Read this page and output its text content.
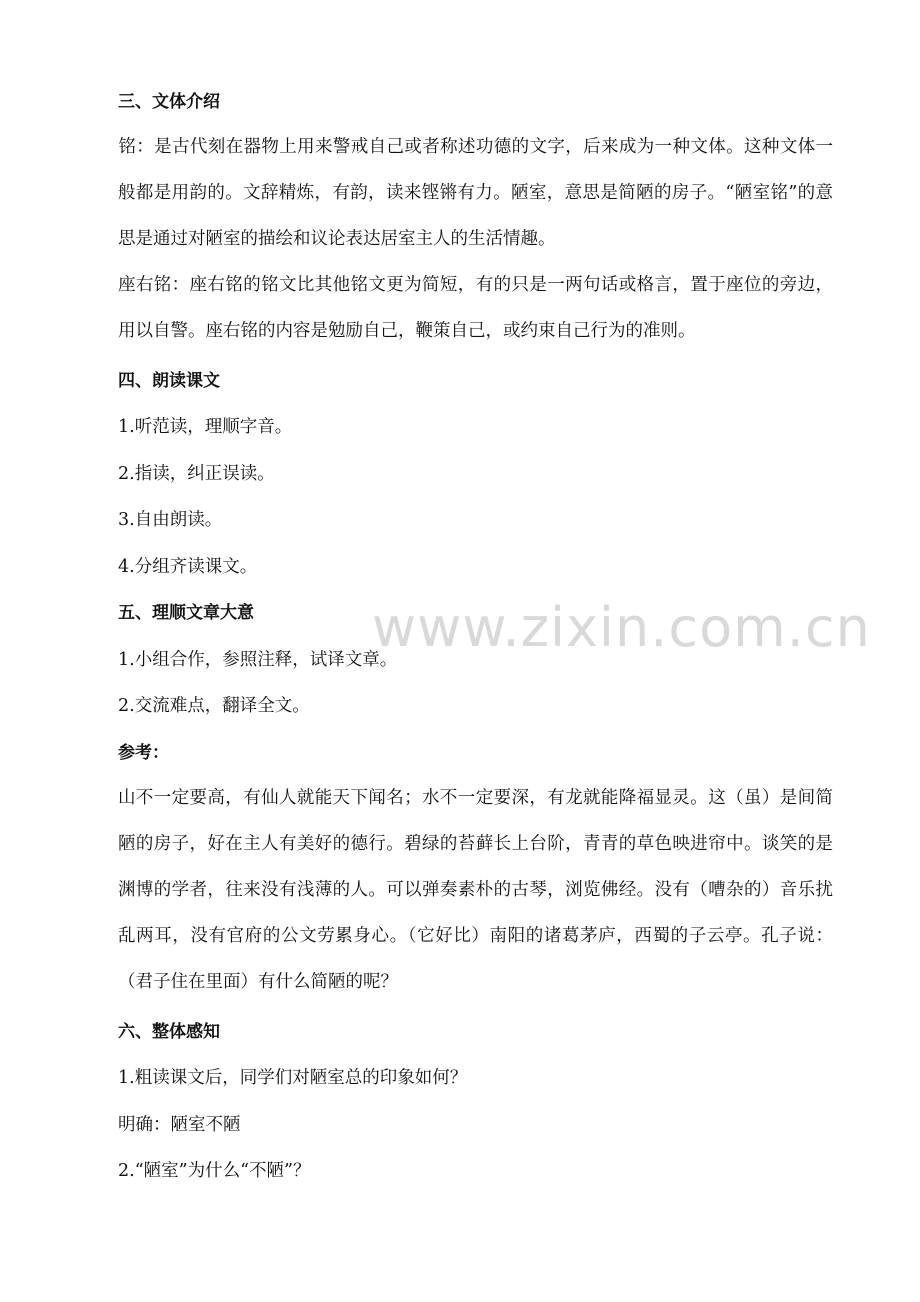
www.zixin.com.cn
三、文体介绍
铭：是古代刻在器物上用来警戒自己或者称述功德的文字，后来成为一种文体。这种文体一般都是用韵的。文辞精炼，有韵，读来铿锵有力。陋室，意思是简陋的房子。“陋室铭”的意思是通过对陋室的描绘和议论表达居室主人的生活情趣。
座右铭：座右铭的铭文比其他铭文更为简短，有的只是一两句话或格言，置于座位的旁边，用以自警。座右铭的内容是勉励自己，鞭策自己，或约束自己行为的准则。
四、朗读课文
1.听范读，理顺字音。
2.指读，纠正误读。
3.自由朗读。
4.分组齐读课文。
五、理顺文章大意
1.小组合作，参照注释，试译文章。
2.交流难点，翻译全文。
参考：
山不一定要高，有仙人就能天下闻名；水不一定要深，有龙就能降福显灵。这（虽）是间简陋的房子，好在主人有美好的德行。碧绿的苔藓长上台阶，青青的草色映进帘中。谈笑的是渊博的学者，往来没有浅薄的人。可以弹奏素朴的古琴，浏览佛经。没有（嘈杂的）音乐扰乱两耳，没有官府的公文劳累身心。（它好比）南阳的诸葛茅庐，西蜀的子云亭。孔子说：（君子住在里面）有什么简陋的呢？
六、整体感知
1.粗读课文后，同学们对陋室总的印象如何？
明确：陋室不陋
2.“陋室”为什么“不陋”？
